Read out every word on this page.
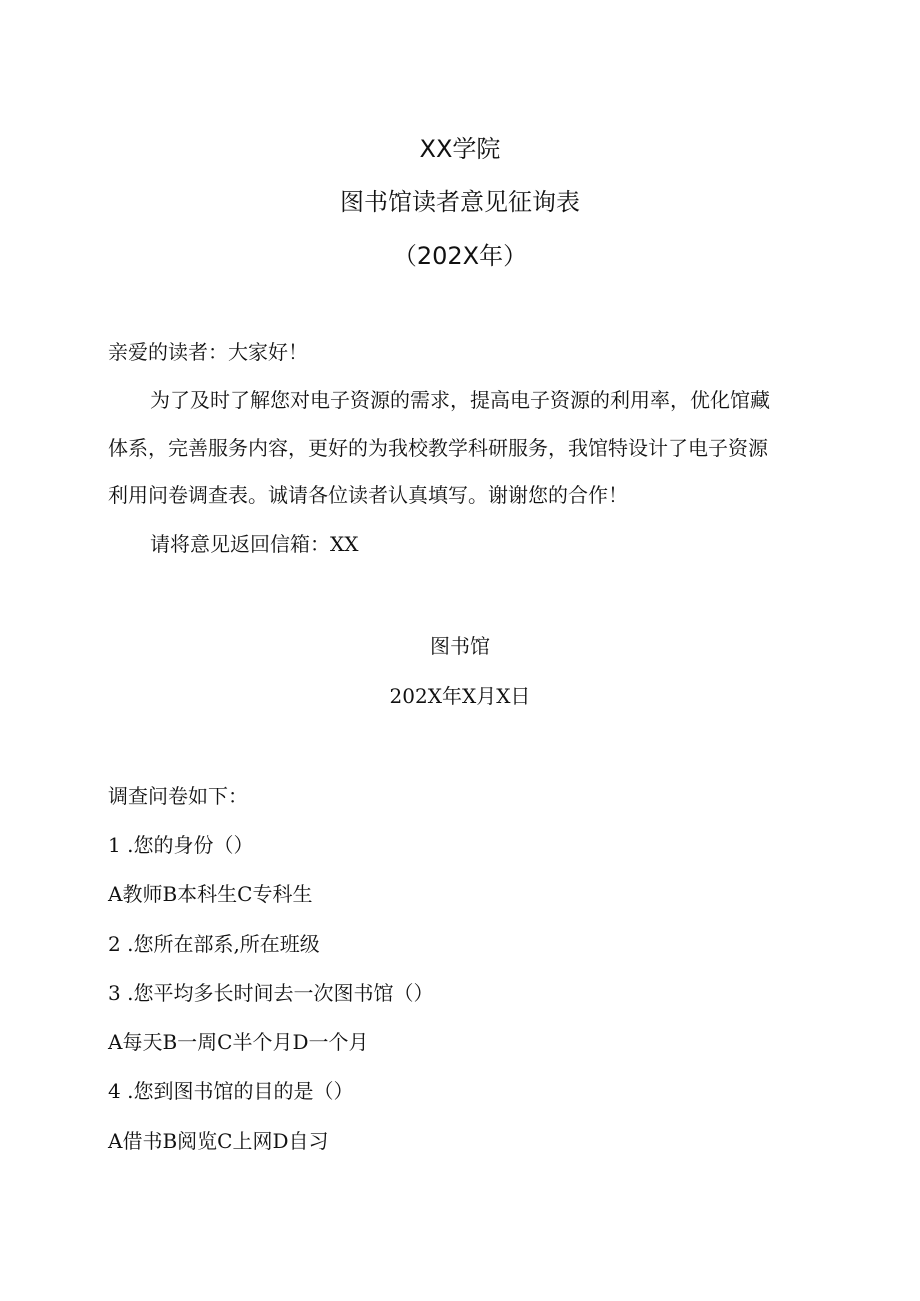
XX学院
图书馆读者意见征询表
（202X年）

亲爱的读者：大家好！

为了及时了解您对电子资源的需求，提高电子资源的利用率，优化馆藏

体系，完善服务内容，更好的为我校教学科研服务，我馆特设计了电子资源

利用问卷调查表。诚请各位读者认真填写。谢谢您的合作！

请将意见返回信箱：XX

图书馆

202X年X月X日

调查问卷如下：

1 .您的身份（）

A教师B本科生C专科生

2 .您所在部系,所在班级

3 .您平均多长时间去一次图书馆（）

A每天B一周C半个月D一个月

4 .您到图书馆的目的是（）

A借书B阅览C上网D自习
